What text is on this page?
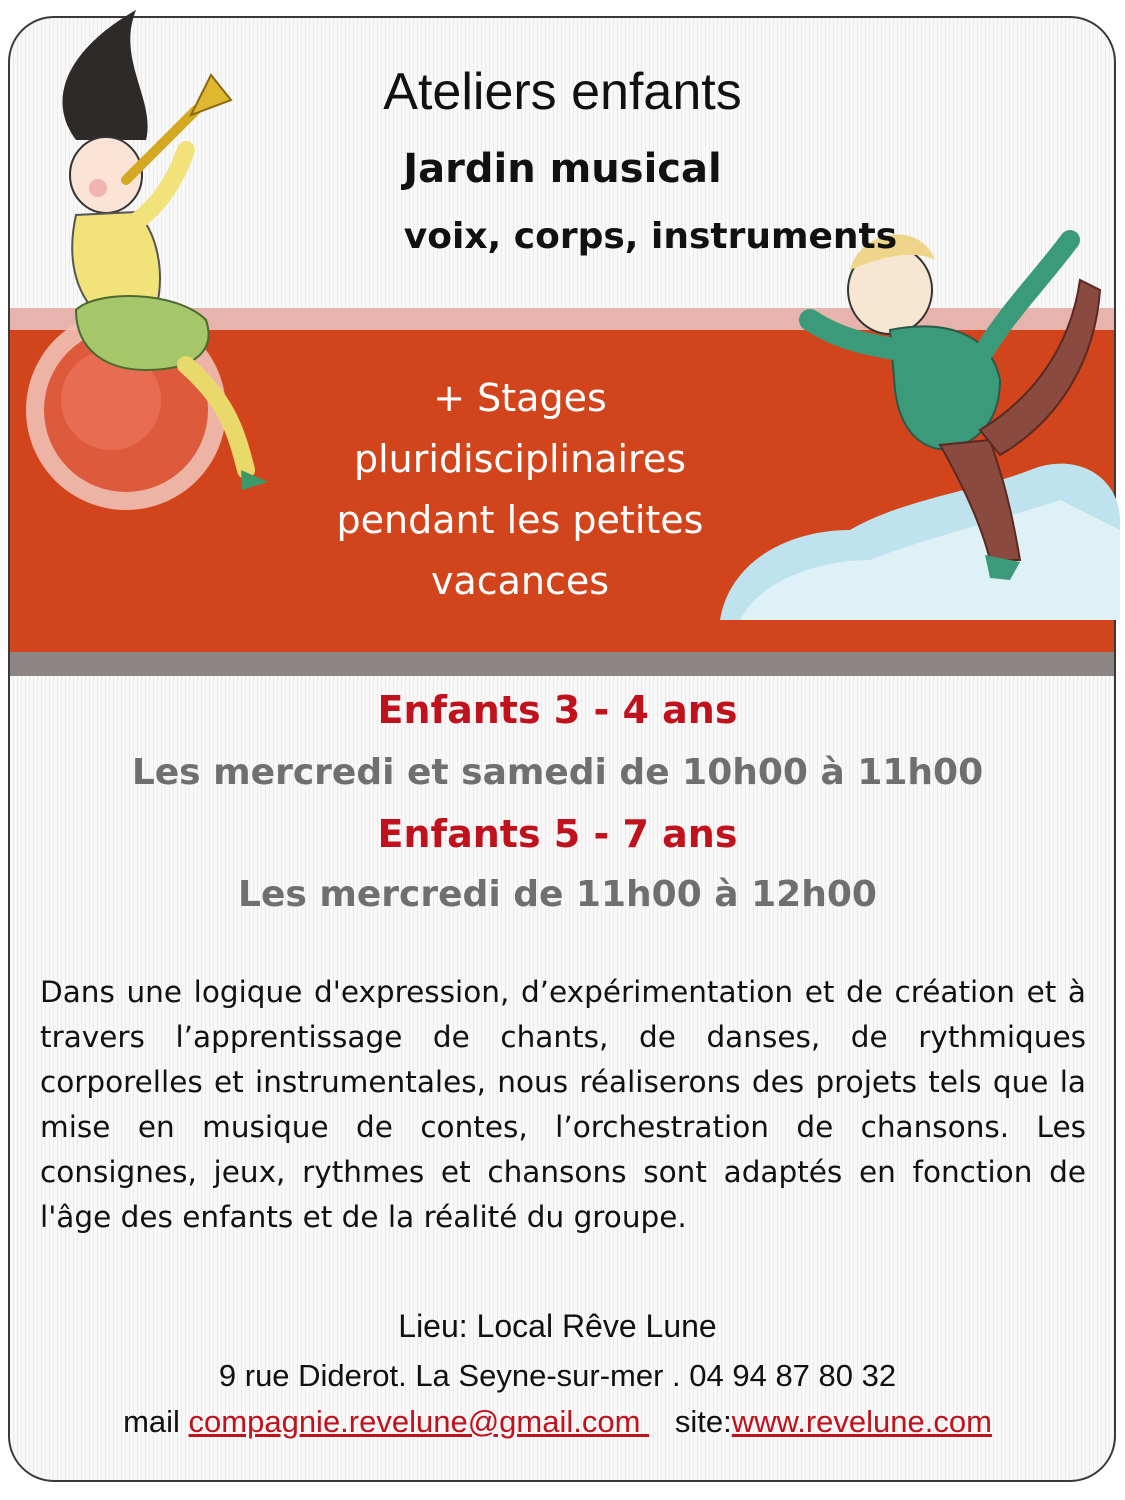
Ateliers enfants
Jardin musical
voix, corps, instruments
+ Stages
pluridisciplinaires
pendant les petites
vacances
Enfants 3 - 4 ans
Les mercredi et samedi de 10h00 à 11h00
Enfants 5 - 7 ans
Les mercredi de 11h00 à 12h00

Dans une logique d'expression, d’expérimentation et de création et à travers l’apprentissage de chants, de danses, de rythmiques corporelles et instrumentales, nous réaliserons des projets tels que la mise en musique de contes, l’orchestration de chansons. Les consignes, jeux, rythmes et chansons sont adaptés en fonction de l'âge des enfants et de la réalité du groupe.

Lieu: Local Rêve Lune
9 rue Diderot. La Seyne-sur-mer . 04 94 87 80 32
mail compagnie.revelune@gmail.com    site:www.revelune.com
